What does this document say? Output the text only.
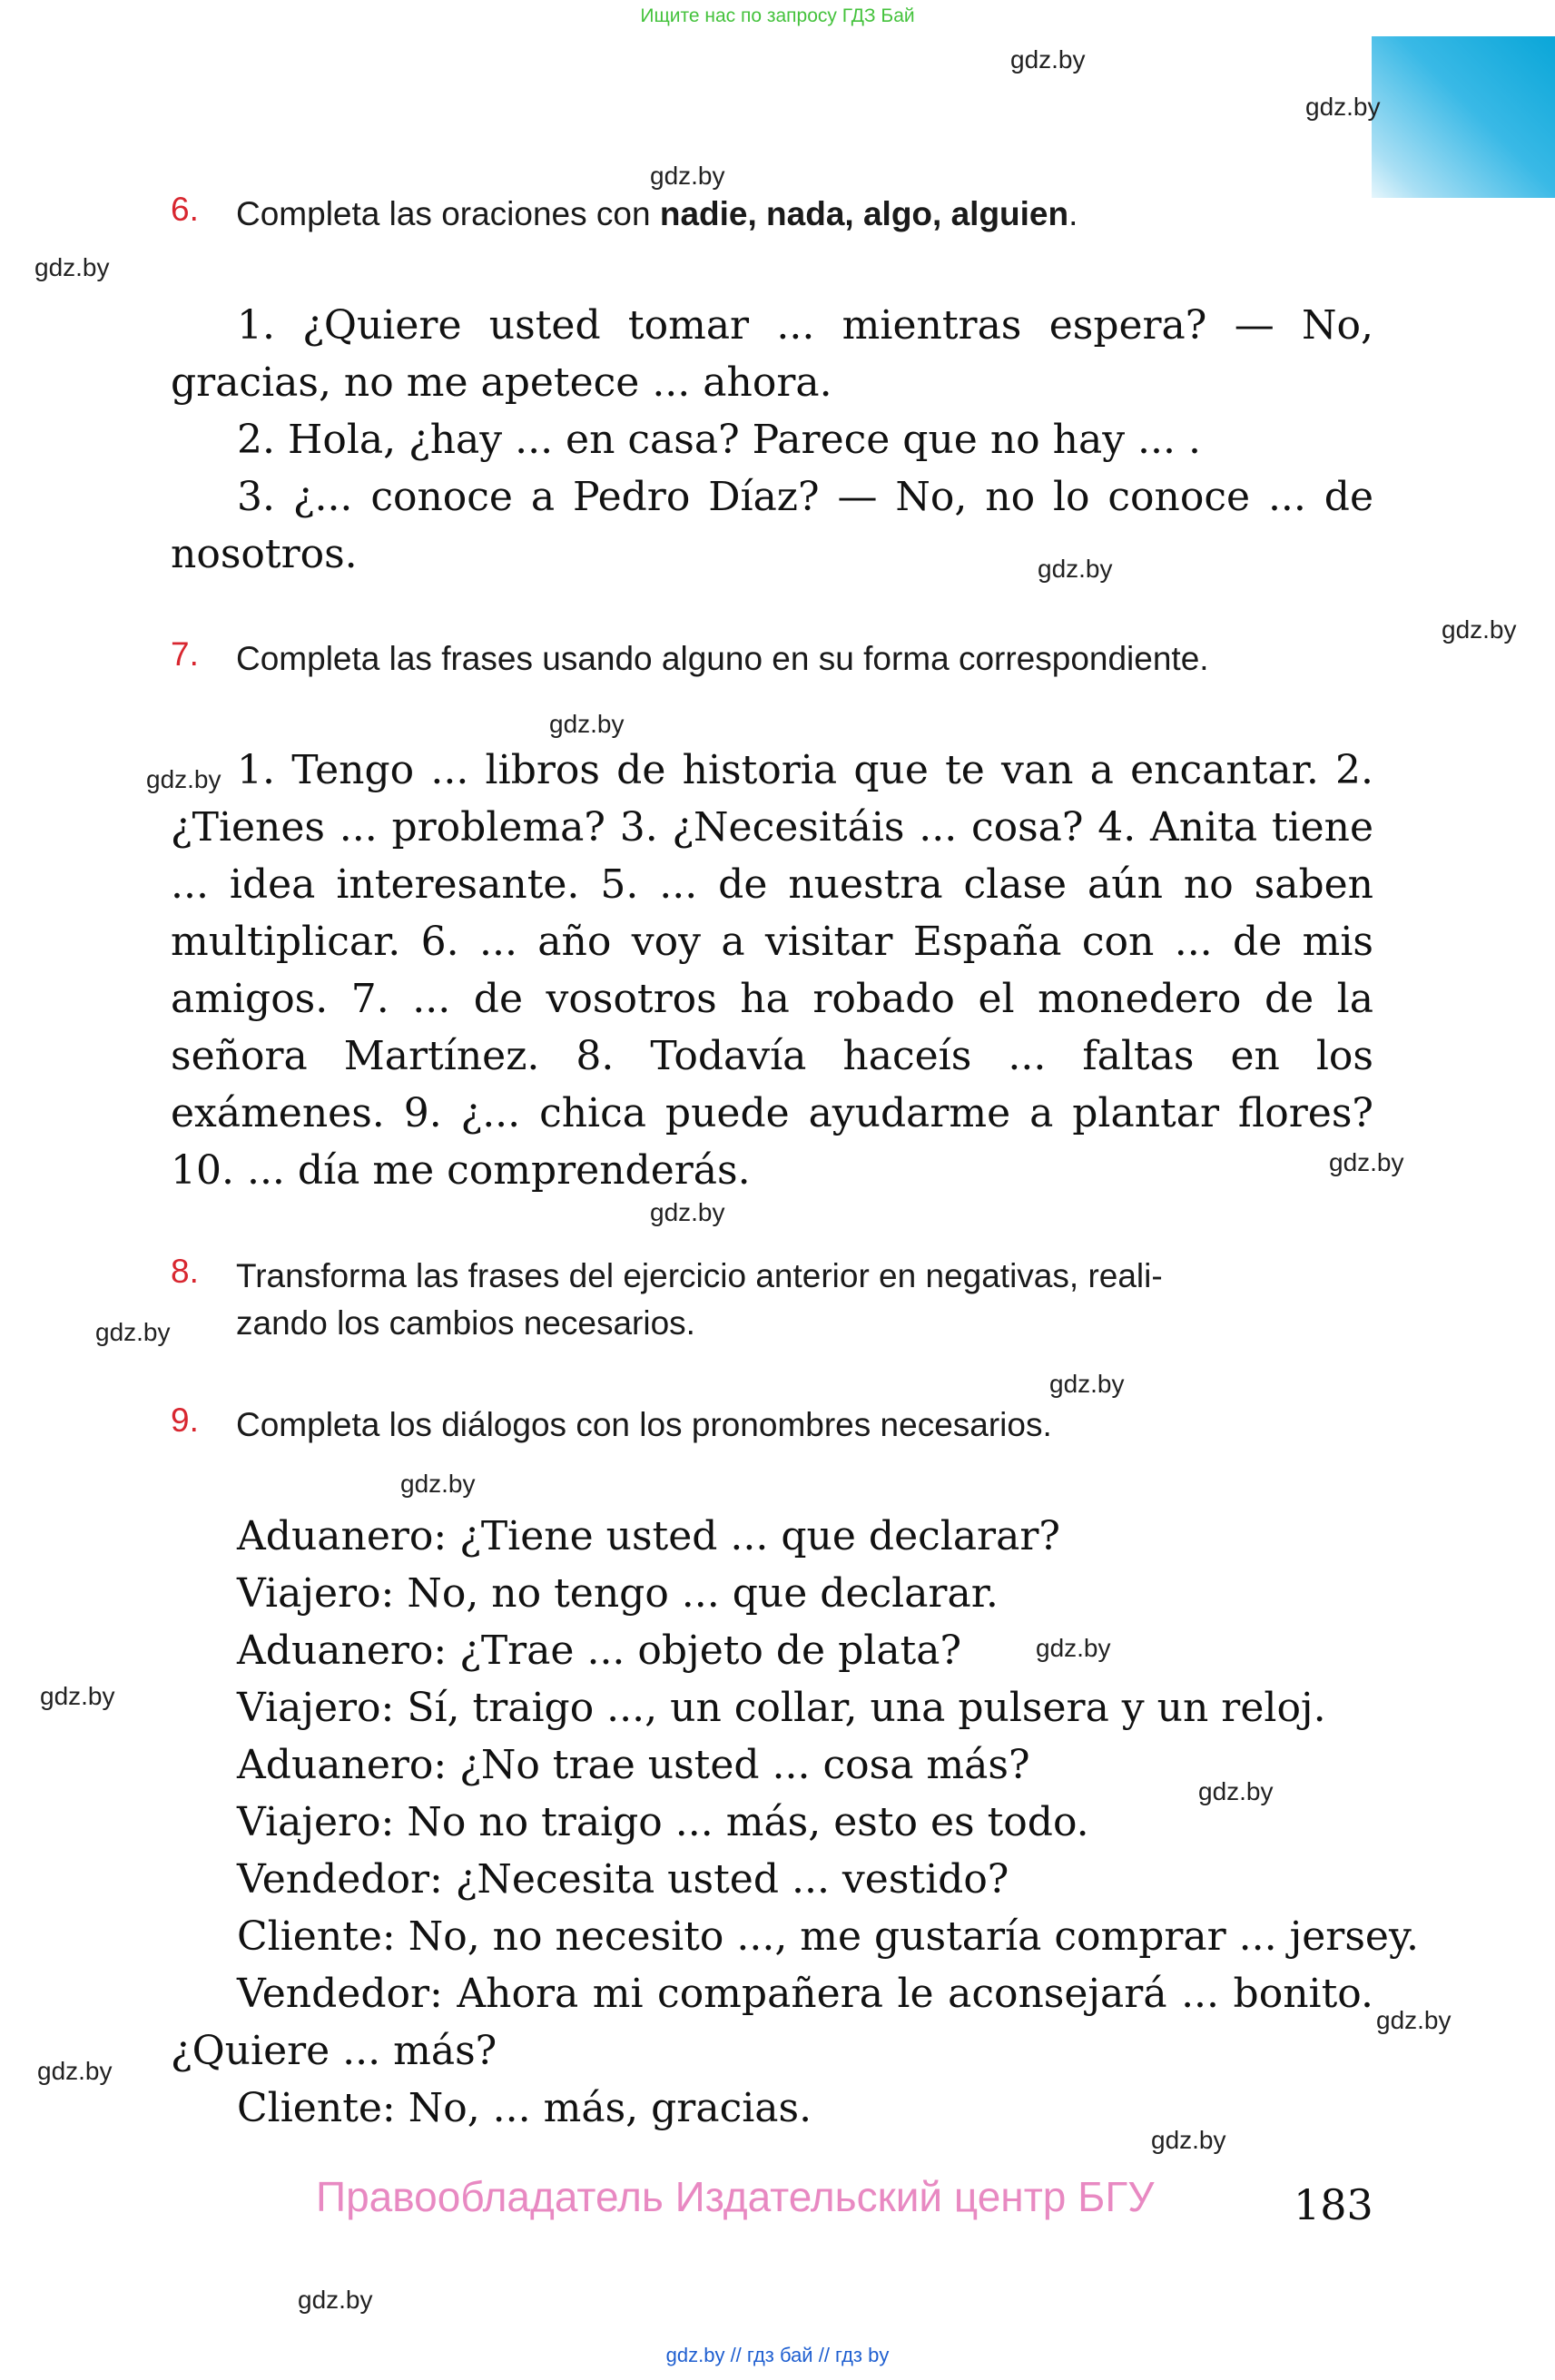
Ищите нас по запросу ГДЗ Бай
gdz.by
gdz.by
gdz.by
gdz.by
gdz.by
gdz.by
gdz.by
gdz.by
gdz.by
gdz.by
gdz.by
gdz.by
gdz.by
gdz.by
gdz.by
gdz.by
gdz.by
gdz.by
gdz.by
gdz.by
6. Completa las oraciones con nadie, nada, algo, alguien.

1. ¿Quiere usted tomar ... mientras espera? — No, gracias, no me apetece ... ahora.

2. Hola, ¿hay ... en casa? Parece que no hay ... .

3. ¿... conoce a Pedro Díaz? — No, no lo conoce ... de nosotros.

7. Completa las frases usando alguno en su forma correspondiente.

1. Tengo ... libros de historia que te van a encantar. 2. ¿Tienes ... problema? 3. ¿Necesitáis ... cosa? 4. Anita tiene ... idea interesante. 5. ... de nuestra clase aún no saben multiplicar. 6. ... año voy a visitar España con ... de mis amigos. 7. ... de vosotros ha robado el monedero de la señora Martínez. 8. Todavía haceís ... faltas en los exámenes. 9. ¿... chica puede ayudarme a plantar flores? 10. ... día me comprenderás.

8. Transforma las frases del ejercicio anterior en negativas, reali-
zando los cambios necesarios.
9. Completa los diálogos con los pronombres necesarios.

Aduanero: ¿Tiene usted ... que declarar?

Viajero: No, no tengo ... que declarar.

Aduanero: ¿Trae ... objeto de plata?

Viajero: Sí, traigo ..., un collar, una pulsera y un reloj.

Aduanero: ¿No trae usted ... cosa más?

Viajero: No no traigo ... más, esto es todo.

Vendedor: ¿Necesita usted ... vestido?

Cliente: No, no necesito ..., me gustaría comprar ... jersey.

Vendedor: Ahora mi compañera le aconsejará ... bonito. ¿Quiere ... más?

Cliente: No, ... más, gracias.

Правообладатель Издательский центр БГУ	183
gdz.by // гдз бай // гдз by
